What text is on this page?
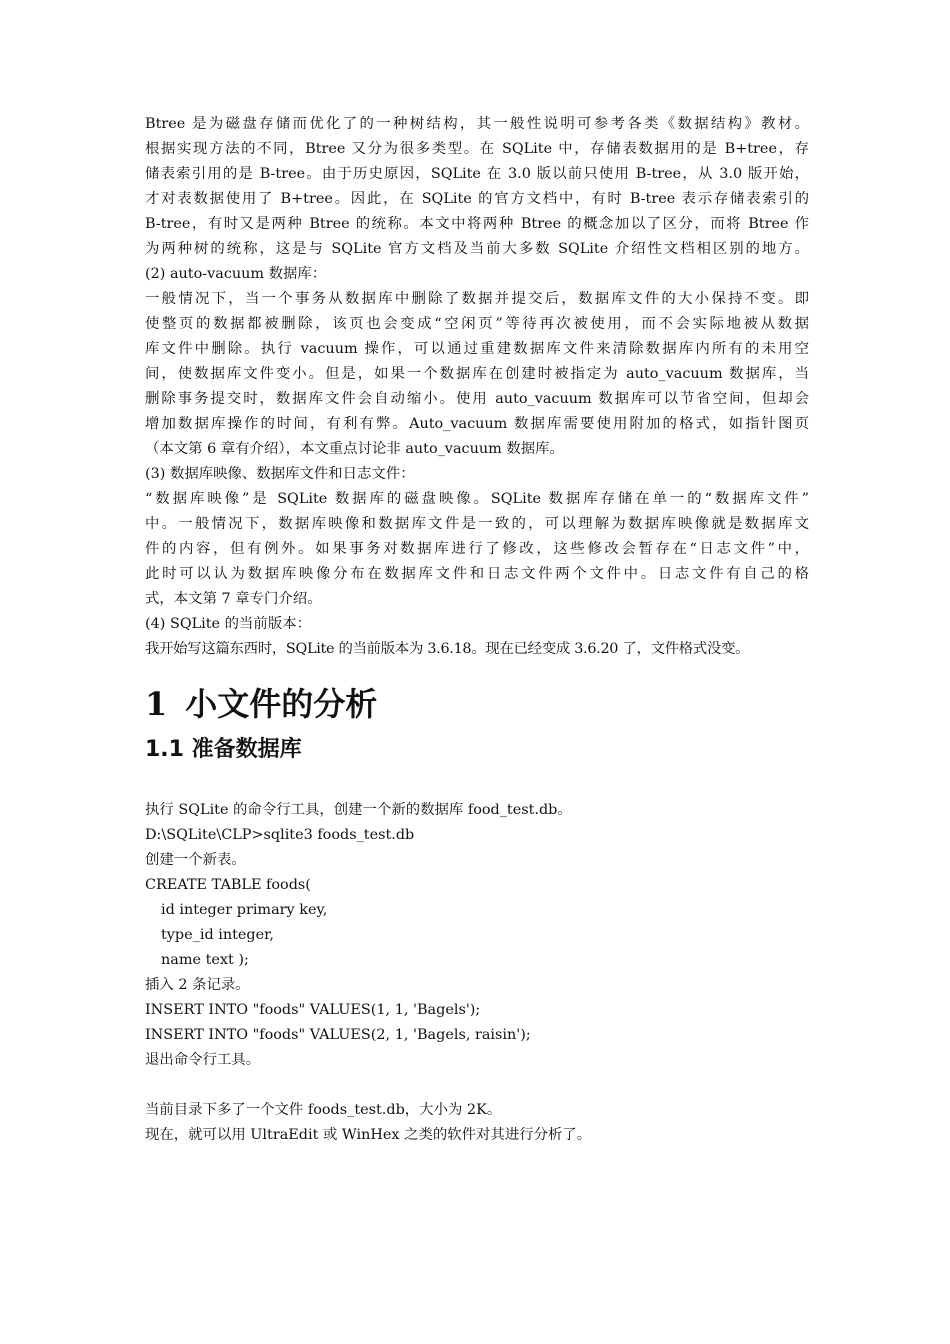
Btree 是为磁盘存储而优化了的一种树结构，其一般性说明可参考各类《数据结构》教材。

根据实现方法的不同，Btree 又分为很多类型。在 SQLite 中，存储表数据用的是 B+tree，存

储表索引用的是 B-tree。由于历史原因，SQLite 在 3.0 版以前只使用 B-tree，从 3.0 版开始，

才对表数据使用了 B+tree。因此，在 SQLite 的官方文档中，有时 B-tree 表示存储表索引的

B-tree，有时又是两种 Btree 的统称。本文中将两种 Btree 的概念加以了区分，而将 Btree 作

为两种树的统称，这是与 SQLite 官方文档及当前大多数 SQLite 介绍性文档相区别的地方。

(2) auto-vacuum 数据库：

一般情况下，当一个事务从数据库中删除了数据并提交后，数据库文件的大小保持不变。即

使整页的数据都被删除，该页也会变成“空闲页”等待再次被使用，而不会实际地被从数据

库文件中删除。执行 vacuum 操作，可以通过重建数据库文件来清除数据库内所有的未用空

间，使数据库文件变小。但是，如果一个数据库在创建时被指定为 auto_vacuum 数据库，当

删除事务提交时，数据库文件会自动缩小。使用 auto_vacuum 数据库可以节省空间，但却会

增加数据库操作的时间，有利有弊。Auto_vacuum 数据库需要使用附加的格式，如指针图页

（本文第 6 章有介绍），本文重点讨论非 auto_vacuum 数据库。

(3) 数据库映像、数据库文件和日志文件：

“数据库映像”是 SQLite 数据库的磁盘映像。SQLite 数据库存储在单一的“数据库文件”

中。一般情况下，数据库映像和数据库文件是一致的，可以理解为数据库映像就是数据库文

件的内容，但有例外。如果事务对数据库进行了修改，这些修改会暂存在“日志文件”中，

此时可以认为数据库映像分布在数据库文件和日志文件两个文件中。日志文件有自己的格

式，本文第 7 章专门介绍。

(4) SQLite 的当前版本：

我开始写这篇东西时，SQLite 的当前版本为 3.6.18。现在已经变成 3.6.20 了，文件格式没变。

1 小文件的分析
1.1 准备数据库

执行 SQLite 的命令行工具，创建一个新的数据库 food_test.db。

D:\SQLite\CLP>sqlite3 foods_test.db

创建一个新表。

CREATE TABLE foods(

id integer primary key,

type_id integer,

name text );

插入 2 条记录。

INSERT INTO "foods" VALUES(1, 1, 'Bagels');

INSERT INTO "foods" VALUES(2, 1, 'Bagels, raisin');

退出命令行工具。

当前目录下多了一个文件 foods_test.db，大小为 2K。

现在，就可以用 UltraEdit 或 WinHex 之类的软件对其进行分析了。
